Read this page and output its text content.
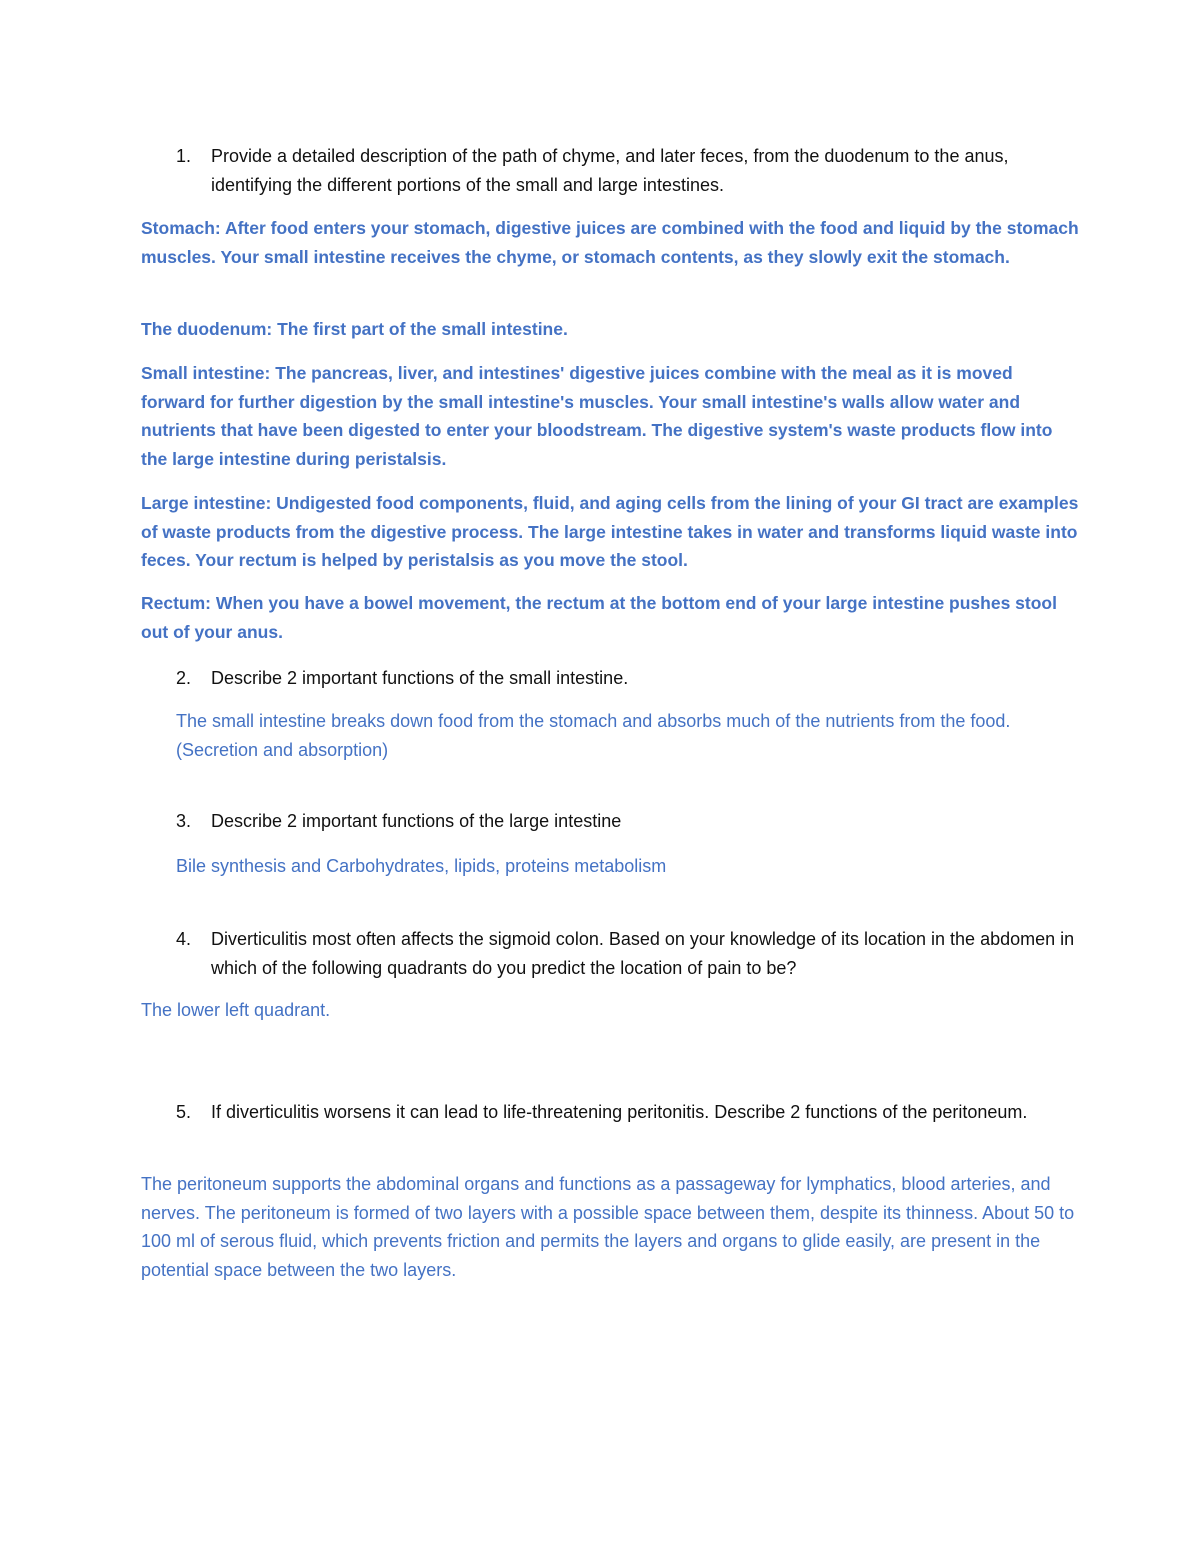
1.	Provide a detailed description of the path of chyme, and later feces, from the duodenum to the anus, identifying the different portions of the small and large intestines.
Stomach: After food enters your stomach, digestive juices are combined with the food and liquid by the stomach muscles. Your small intestine receives the chyme, or stomach contents, as they slowly exit the stomach.
The duodenum: The first part of the small intestine.
Small intestine: The pancreas, liver, and intestines' digestive juices combine with the meal as it is moved forward for further digestion by the small intestine's muscles. Your small intestine's walls allow water and nutrients that have been digested to enter your bloodstream. The digestive system's waste products flow into the large intestine during peristalsis.
Large intestine: Undigested food components, fluid, and aging cells from the lining of your GI tract are examples of waste products from the digestive process. The large intestine takes in water and transforms liquid waste into feces. Your rectum is helped by peristalsis as you move the stool.
Rectum: When you have a bowel movement, the rectum at the bottom end of your large intestine pushes stool out of your anus.
2.	Describe 2 important functions of the small intestine.
The small intestine breaks down food from the stomach and absorbs much of the nutrients from the food. (Secretion and absorption)
3.	Describe 2 important functions of the large intestine
Bile synthesis and Carbohydrates, lipids, proteins metabolism
4.	Diverticulitis most often affects the sigmoid colon. Based on your knowledge of its location in the abdomen in which of the following quadrants do you predict the location of pain to be?
The lower left quadrant.
5.	If diverticulitis worsens it can lead to life-threatening peritonitis. Describe 2 functions of the peritoneum.
The peritoneum supports the abdominal organs and functions as a passageway for lymphatics, blood arteries, and nerves. The peritoneum is formed of two layers with a possible space between them, despite its thinness. About 50 to 100 ml of serous fluid, which prevents friction and permits the layers and organs to glide easily, are present in the potential space between the two layers.
